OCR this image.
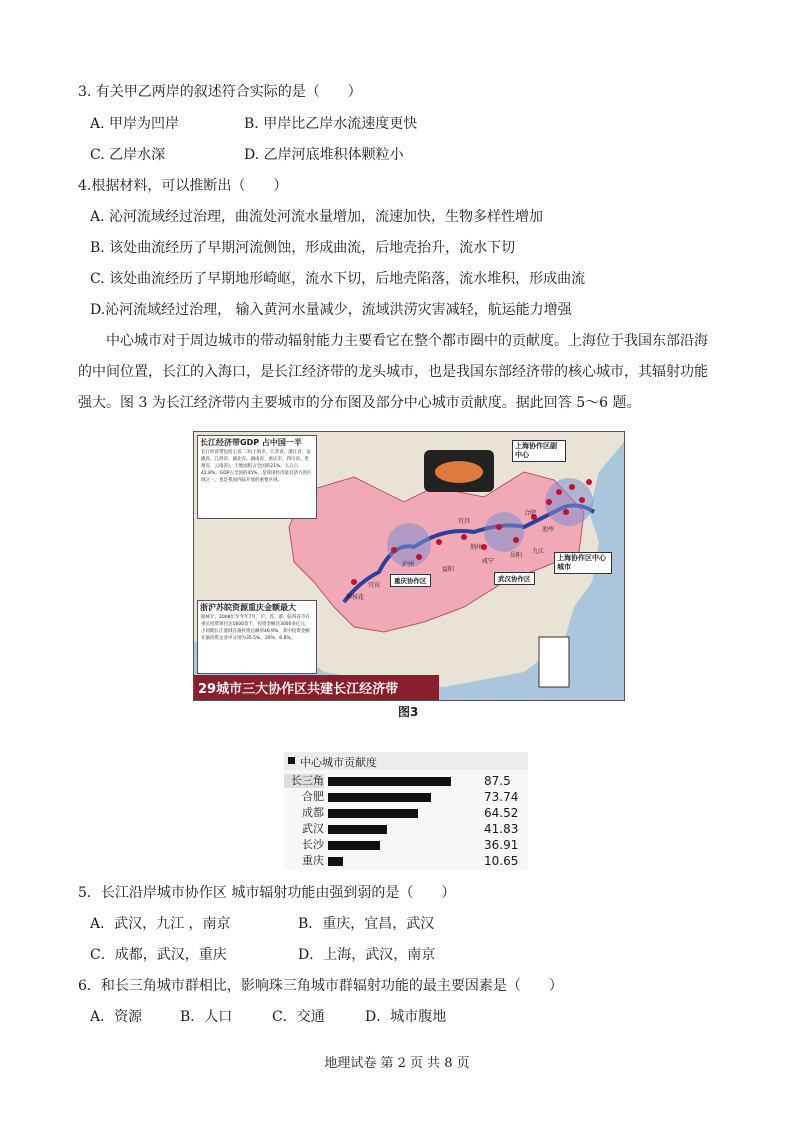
3. 有关甲乙两岸的叙述符合实际的是（　　）
A. 甲岸为凹岸	B. 甲岸比乙岸水流速度更快
C. 乙岸水深	D. 乙岸河底堆积体颗粒小
4.根据材料，可以推断出（　　）
A. 沁河流域经过治理，曲流处河流水量增加，流速加快，生物多样性增加
B. 该处曲流经历了早期河流侧蚀，形成曲流，后地壳抬升，流水下切
C. 该处曲流经历了早期地形崎岖，流水下切，后地壳陷落，流水堆积，形成曲流
D.沁河流域经过治理， 输入黄河水量减少，流域洪涝灾害减轻，航运能力增强
中心城市对于周边城市的带动辐射能力主要看它在整个都市圈中的贡献度。上海位于我国东部沿海的中间位置，长江的入海口，是长江经济带的龙头城市，也是我国东部经济带的核心城市，其辐射功能强大。图 3 为长江经济带内主要城市的分布图及部分中心城市贡献度。据此回答 5～6 题。
长江经济带GDP 占中国一半
长江经济带包括七省二市(上海市、江苏省、浙江省、安徽省、江西省、湖北省、湖南省、重庆市、四川省、贵州省、云南省)，土地面积占全国的21%，人口占42.8%，GDP占全国的45%，是我国经济最具活力的区域之一，也是我国内陆开放的重要区域。
浙沪苏皖资源重庆金额最大
据统计，2008年至今年7月，沪、苏、浙、皖四省市在重庆投资项目达1600余个，投资金额达3000多亿元，占同期长江流域在渝投资总额的46.9%，其中投资金额在渝投资企业中分别为35.5%、30%、6.8%。
上海协作区副中心
上海协作区中心城市
重庆协作区	武汉协作区
宜宾
攀枝花
泸州
宜昌
岳阳
九江
池州
咸宁
荆州
益阳
合肥
29城市三大协作区共建长江经济带
图3
中心城市贡献度
长三角	87.5
合肥	73.74
成都	64.52
武汉	41.83
长沙	36.91
重庆	10.65
5．长江沿岸城市协作区 城市辐射功能由强到弱的是（　　）
A．武汉，九江 ，南京	B．重庆，宜昌，武汉
C．成都，武汉，重庆	D．上海，武汉，南京
6．和长三角城市群相比，影响珠三角城市群辐射功能的最主要因素是（　　）
A．资源	B．人口	C．交通	D．城市腹地
地理试卷 第 2 页 共 8 页
